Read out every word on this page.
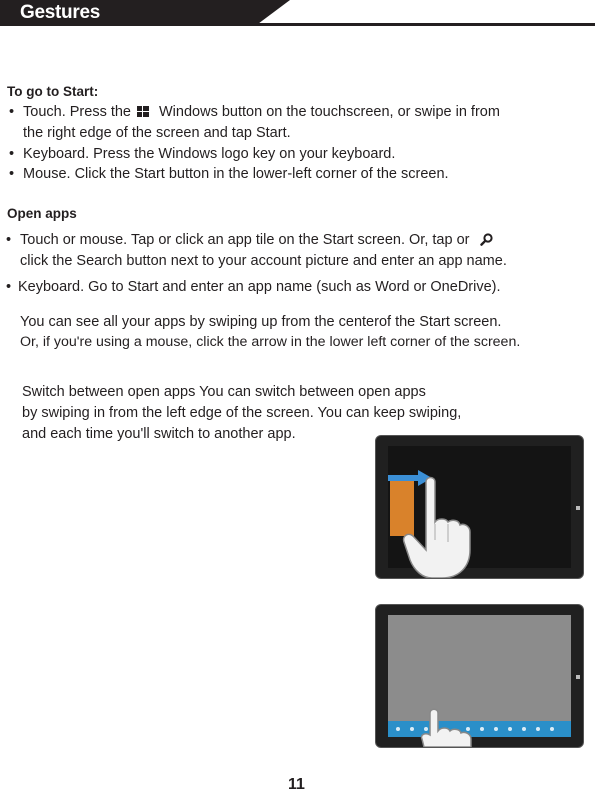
Gestures
To go to Start:
• Touch. Press the Windows button on the touchscreen, or swipe in from
the right edge of the screen and tap Start.
• Keyboard. Press the Windows logo key on your keyboard.
• Mouse. Click the Start button in the lower-left corner of the screen.
Open apps
• Touch or mouse. Tap or click an app tile on the Start screen. Or, tap or
click the Search button next to your account picture and enter an app name.
• Keyboard. Go to Start and enter an app name (such as Word or OneDrive).
You can see all your apps by swiping up from the centerof the Start screen.
Or, if you're using a mouse, click the arrow in the lower left corner of the screen.
Switch between open apps You can switch between open apps
by swiping in from the left edge of the screen. You can keep swiping,
and each time you'll switch to another app.
11
